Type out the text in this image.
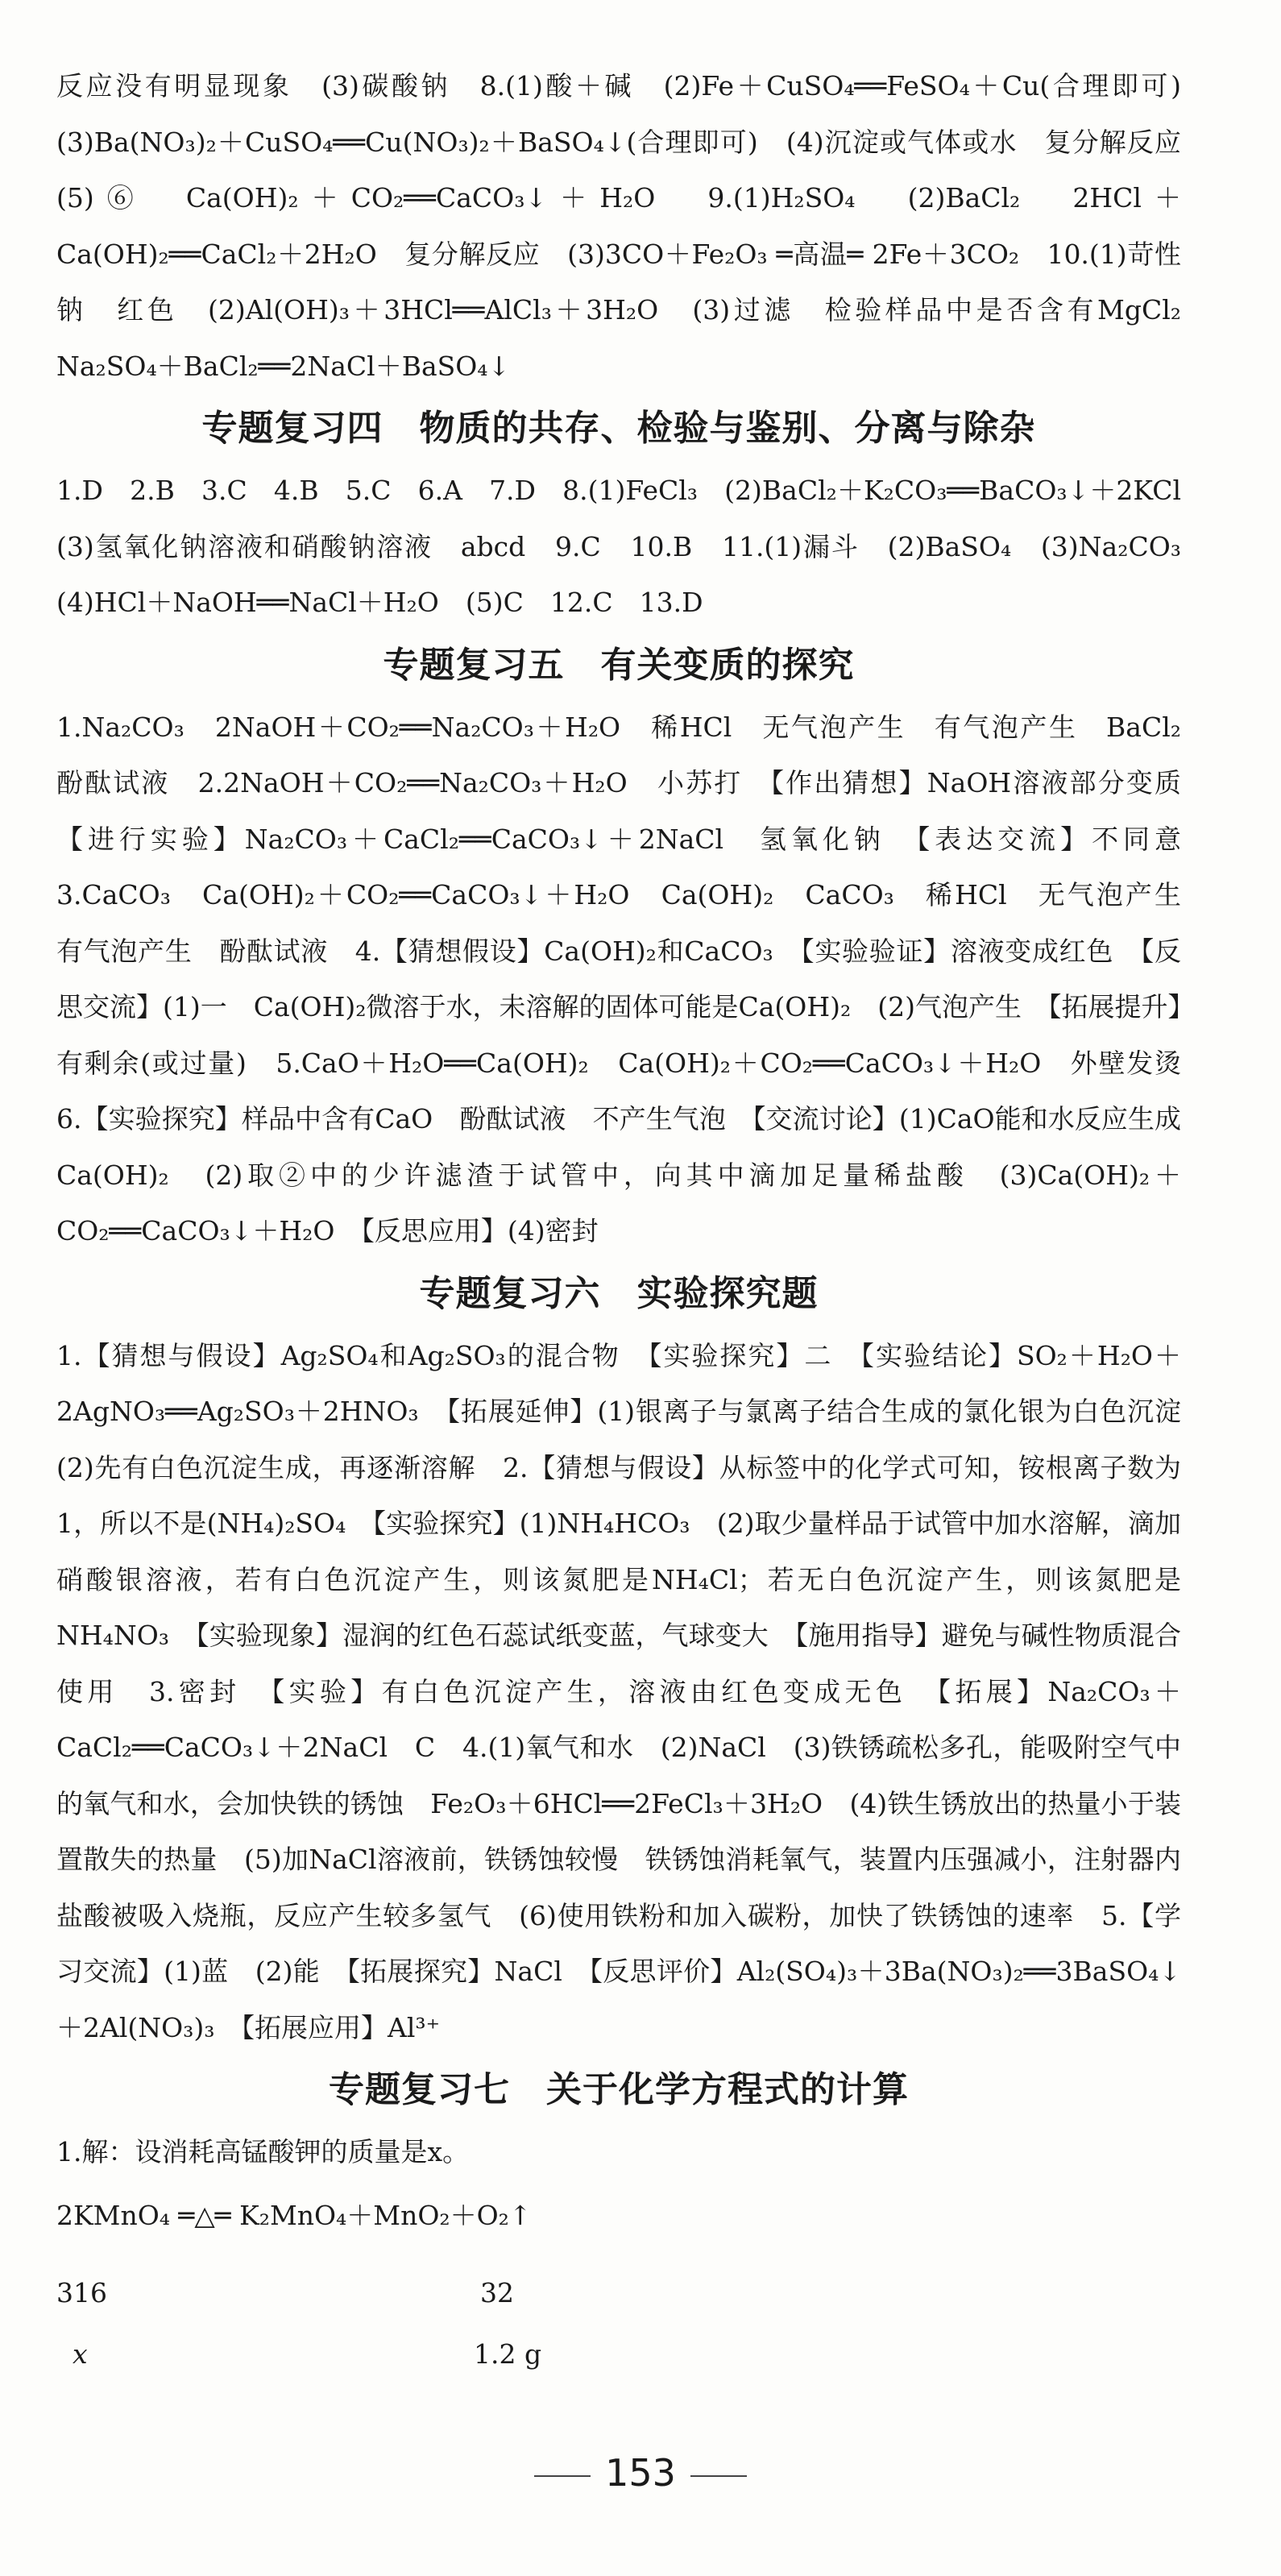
反应没有明显现象　(3)碳酸钠　8.(1)酸＋碱　(2)Fe＋CuSO₄══FeSO₄＋Cu(合理即可)　(3)Ba(NO₃)₂＋CuSO₄══Cu(NO₃)₂＋BaSO₄↓(合理即可)　(4)沉淀或气体或水　复分解反应　(5)⑥　Ca(OH)₂＋CO₂══CaCO₃↓＋H₂O　9.(1)H₂SO₄　(2)BaCl₂　2HCl＋Ca(OH)₂══CaCl₂＋2H₂O　复分解反应　(3)3CO＋Fe₂O₃ ═高温═ 2Fe＋3CO₂　10.(1)苛性钠　红色　(2)Al(OH)₃＋3HCl══AlCl₃＋3H₂O　(3)过滤　检验样品中是否含有MgCl₂　Na₂SO₄＋BaCl₂══2NaCl＋BaSO₄↓
专题复习四　物质的共存、检验与鉴别、分离与除杂
1.D　2.B　3.C　4.B　5.C　6.A　7.D　8.(1)FeCl₃　(2)BaCl₂＋K₂CO₃══BaCO₃↓＋2KCl　(3)氢氧化钠溶液和硝酸钠溶液　abcd　9.C　10.B　11.(1)漏斗　(2)BaSO₄　(3)Na₂CO₃　(4)HCl＋NaOH══NaCl＋H₂O　(5)C　12.C　13.D
专题复习五　有关变质的探究
1.Na₂CO₃　2NaOH＋CO₂══Na₂CO₃＋H₂O　稀HCl　无气泡产生　有气泡产生　BaCl₂　酚酞试液　2.2NaOH＋CO₂══Na₂CO₃＋H₂O　小苏打　【作出猜想】NaOH溶液部分变质　【进行实验】Na₂CO₃＋CaCl₂══CaCO₃↓＋2NaCl　氢氧化钠　【表达交流】不同意　3.CaCO₃　Ca(OH)₂＋CO₂══CaCO₃↓＋H₂O　Ca(OH)₂　CaCO₃　稀HCl　无气泡产生　有气泡产生　酚酞试液　4.【猜想假设】Ca(OH)₂和CaCO₃　【实验验证】溶液变成红色　【反思交流】(1)一　Ca(OH)₂微溶于水，未溶解的固体可能是Ca(OH)₂　(2)气泡产生　【拓展提升】有剩余(或过量)　5.CaO＋H₂O══Ca(OH)₂　Ca(OH)₂＋CO₂══CaCO₃↓＋H₂O　外壁发烫　6.【实验探究】样品中含有CaO　酚酞试液　不产生气泡　【交流讨论】(1)CaO能和水反应生成Ca(OH)₂　(2)取②中的少许滤渣于试管中，向其中滴加足量稀盐酸　(3)Ca(OH)₂＋CO₂══CaCO₃↓＋H₂O　【反思应用】(4)密封
专题复习六　实验探究题
1.【猜想与假设】Ag₂SO₄和Ag₂SO₃的混合物　【实验探究】二　【实验结论】SO₂＋H₂O＋2AgNO₃══Ag₂SO₃＋2HNO₃　【拓展延伸】(1)银离子与氯离子结合生成的氯化银为白色沉淀　(2)先有白色沉淀生成，再逐渐溶解　2.【猜想与假设】从标签中的化学式可知，铵根离子数为1，所以不是(NH₄)₂SO₄　【实验探究】(1)NH₄HCO₃　(2)取少量样品于试管中加水溶解，滴加硝酸银溶液，若有白色沉淀产生，则该氮肥是NH₄Cl；若无白色沉淀产生，则该氮肥是NH₄NO₃　【实验现象】湿润的红色石蕊试纸变蓝，气球变大　【施用指导】避免与碱性物质混合使用　3.密封　【实验】有白色沉淀产生，溶液由红色变成无色　【拓展】Na₂CO₃＋CaCl₂══CaCO₃↓＋2NaCl　C　4.(1)氧气和水　(2)NaCl　(3)铁锈疏松多孔，能吸附空气中的氧气和水，会加快铁的锈蚀　Fe₂O₃＋6HCl══2FeCl₃＋3H₂O　(4)铁生锈放出的热量小于装置散失的热量　(5)加NaCl溶液前，铁锈蚀较慢　铁锈蚀消耗氧气，装置内压强减小，注射器内盐酸被吸入烧瓶，反应产生较多氢气　(6)使用铁粉和加入碳粉，加快了铁锈蚀的速率　5.【学习交流】(1)蓝　(2)能　【拓展探究】NaCl　【反思评价】Al₂(SO₄)₃＋3Ba(NO₃)₂══3BaSO₄↓＋2Al(NO₃)₃　【拓展应用】Al³⁺
专题复习七　关于化学方程式的计算
1.解：设消耗高锰酸钾的质量是x。
2KMnO₄ ═△═ K₂MnO₄＋MnO₂＋O₂↑
316	32
x	1.2 g
153
